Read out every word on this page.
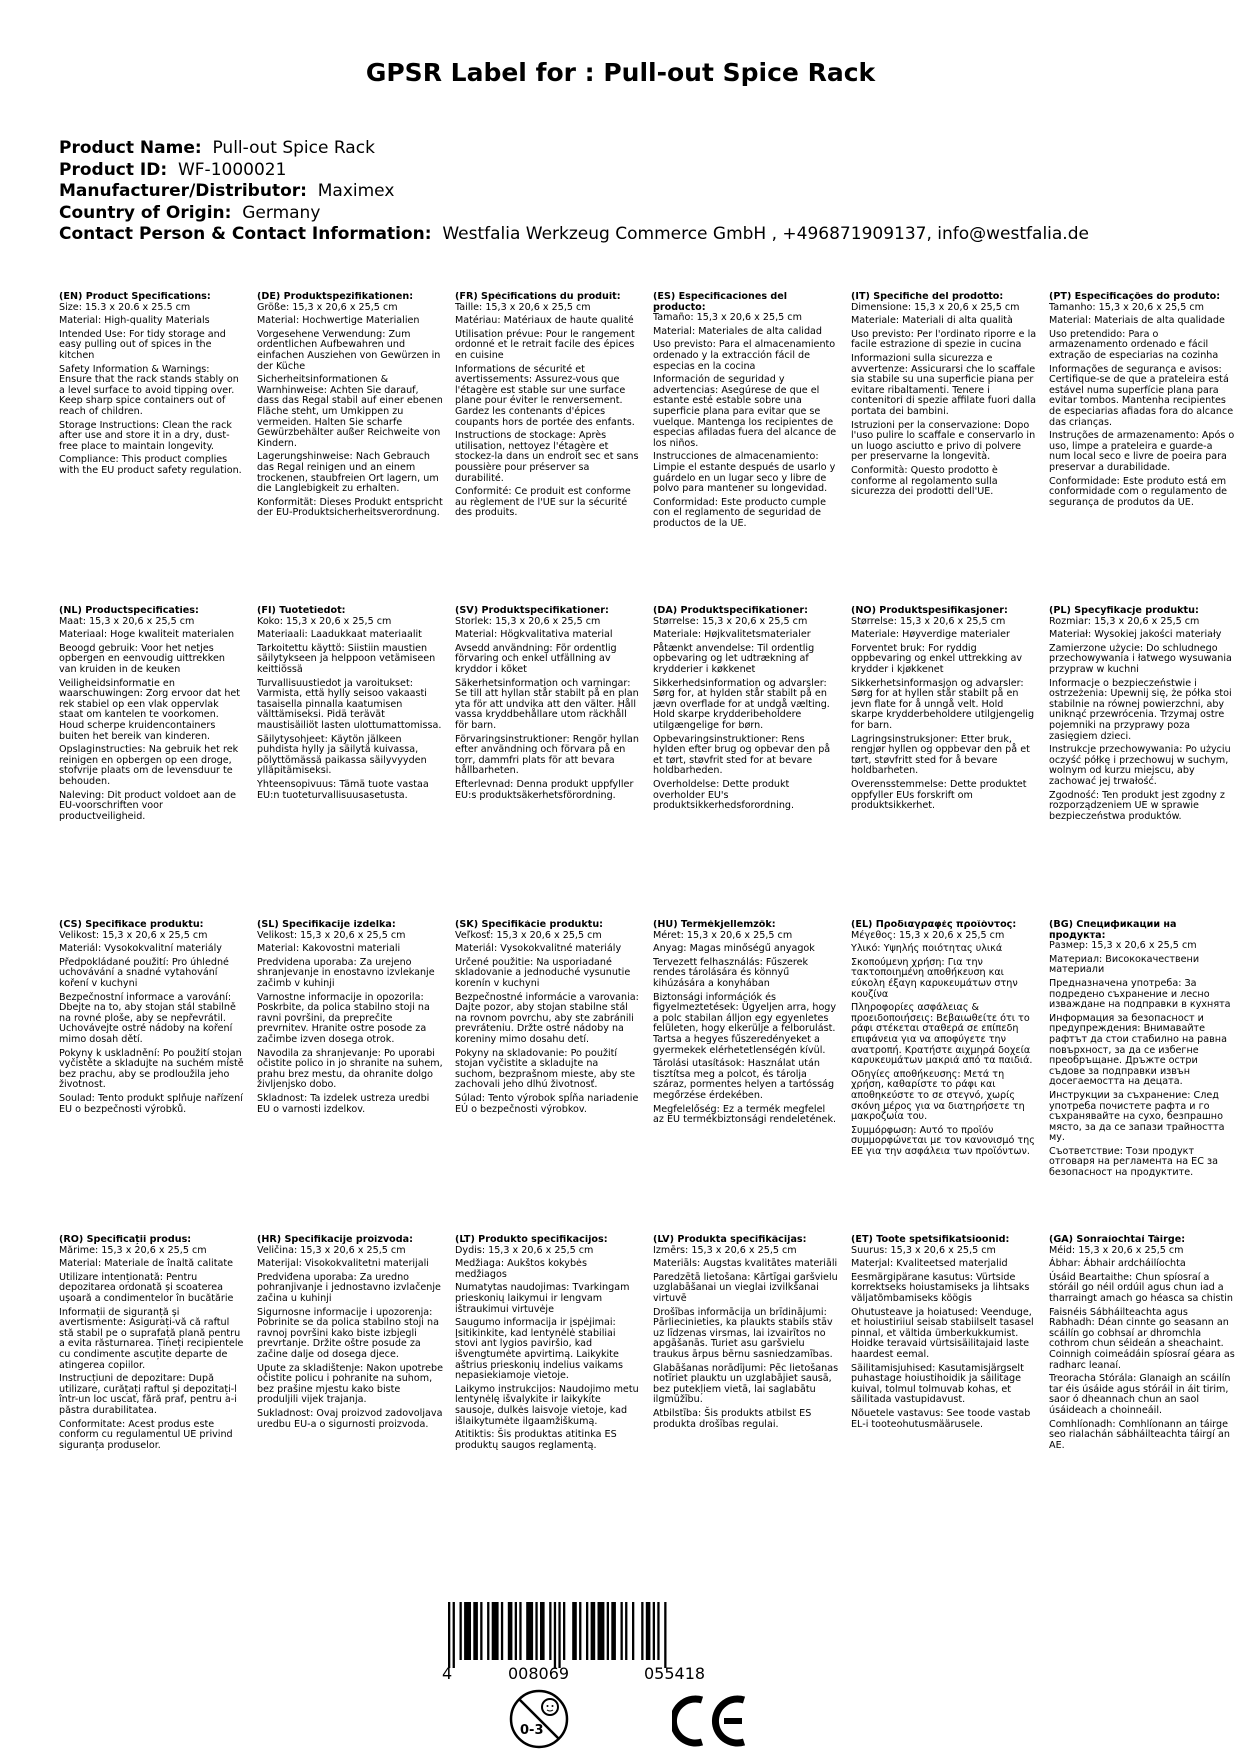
GPSR Label for : Pull-out Spice Rack
Product Name: Pull-out Spice Rack
Product ID: WF-1000021
Manufacturer/Distributor: Maximex
Country of Origin: Germany
Contact Person & Contact Information: Westfalia Werkzeug Commerce GmbH , +496871909137, info@westfalia.de
(EN) Product Specifications:

Size: 15.3 x 20.6 x 25.5 cm

Material: High-quality Materials

Intended Use: For tidy storage and easy pulling out of spices in the kitchen

Safety Information & Warnings: Ensure that the rack stands stably on a level surface to avoid tipping over. Keep sharp spice containers out of reach of children.

Storage Instructions: Clean the rack after use and store it in a dry, dust-free place to maintain longevity.

Compliance: This product complies with the EU product safety regulation.

(DE) Produktspezifikationen:

Größe: 15,3 x 20,6 x 25,5 cm

Material: Hochwertige Materialien

Vorgesehene Verwendung: Zum ordentlichen Aufbewahren und einfachen Ausziehen von Gewürzen in der Küche

Sicherheitsinformationen & Warnhinweise: Achten Sie darauf, dass das Regal stabil auf einer ebenen Fläche steht, um Umkippen zu vermeiden. Halten Sie scharfe Gewürzbehälter außer Reichweite von Kindern.

Lagerungshinweise: Nach Gebrauch das Regal reinigen und an einem trockenen, staubfreien Ort lagern, um die Langlebigkeit zu erhalten.

Konformität: Dieses Produkt entspricht der EU-Produktsicherheitsverordnung.

(FR) Spécifications du produit:

Taille: 15,3 x 20,6 x 25,5 cm

Matériau: Matériaux de haute qualité

Utilisation prévue: Pour le rangement ordonné et le retrait facile des épices en cuisine

Informations de sécurité et avertissements: Assurez-vous que l'étagère est stable sur une surface plane pour éviter le renversement. Gardez les contenants d'épices coupants hors de portée des enfants.

Instructions de stockage: Après utilisation, nettoyez l'étagère et stockez-la dans un endroit sec et sans poussière pour préserver sa durabilité.

Conformité: Ce produit est conforme au règlement de l'UE sur la sécurité des produits.

(ES) Especificaciones del producto:

Tamaño: 15,3 x 20,6 x 25,5 cm

Material: Materiales de alta calidad

Uso previsto: Para el almacenamiento ordenado y la extracción fácil de especias en la cocina

Información de seguridad y advertencias: Asegúrese de que el estante esté estable sobre una superficie plana para evitar que se vuelque. Mantenga los recipientes de especias afiladas fuera del alcance de los niños.

Instrucciones de almacenamiento: Limpie el estante después de usarlo y guárdelo en un lugar seco y libre de polvo para mantener su longevidad.

Conformidad: Este producto cumple con el reglamento de seguridad de productos de la UE.

(IT) Specifiche del prodotto:

Dimensione: 15,3 x 20,6 x 25,5 cm

Materiale: Materiali di alta qualità

Uso previsto: Per l'ordinato riporre e la facile estrazione di spezie in cucina

Informazioni sulla sicurezza e avvertenze: Assicurarsi che lo scaffale sia stabile su una superficie piana per evitare ribaltamenti. Tenere i contenitori di spezie affilate fuori dalla portata dei bambini.

Istruzioni per la conservazione: Dopo l'uso pulire lo scaffale e conservarlo in un luogo asciutto e privo di polvere per preservarne la longevità.

Conformità: Questo prodotto è conforme al regolamento sulla sicurezza dei prodotti dell'UE.

(PT) Especificações do produto:

Tamanho: 15,3 x 20,6 x 25,5 cm

Material: Materiais de alta qualidade

Uso pretendido: Para o armazenamento ordenado e fácil extração de especiarias na cozinha

Informações de segurança e avisos: Certifique-se de que a prateleira está estável numa superfície plana para evitar tombos. Mantenha recipientes de especiarias afiadas fora do alcance das crianças.

Instruções de armazenamento: Após o uso, limpe a prateleira e guarde-a num local seco e livre de poeira para preservar a durabilidade.

Conformidade: Este produto está em conformidade com o regulamento de segurança de produtos da UE.

(NL) Productspecificaties:

Maat: 15,3 x 20,6 x 25,5 cm

Materiaal: Hoge kwaliteit materialen

Beoogd gebruik: Voor het netjes opbergen en eenvoudig uittrekken van kruiden in de keuken

Veiligheidsinformatie en waarschuwingen: Zorg ervoor dat het rek stabiel op een vlak oppervlak staat om kantelen te voorkomen. Houd scherpe kruidencontainers buiten het bereik van kinderen.

Opslaginstructies: Na gebruik het rek reinigen en opbergen op een droge, stofvrije plaats om de levensduur te behouden.

Naleving: Dit product voldoet aan de EU-voorschriften voor productveiligheid.

(FI) Tuotetiedot:

Koko: 15,3 x 20,6 x 25,5 cm

Materiaali: Laadukkaat materiaalit

Tarkoitettu käyttö: Siistiin maustien säilytykseen ja helppoon vetämiseen keittiössä

Turvallisuustiedot ja varoitukset: Varmista, että hylly seisoo vakaasti tasaisella pinnalla kaatumisen välttämiseksi. Pidä terävät maustisäiliöt lasten ulottumattomissa.

Säilytysohjeet: Käytön jälkeen puhdista hylly ja säilytä kuivassa, pölyttömässä paikassa säilyvyyden ylläpitämiseksi.

Yhteensopivuus: Tämä tuote vastaa EU:n tuoteturvallisuusasetusta.

(SV) Produktspecifikationer:

Storlek: 15,3 x 20,6 x 25,5 cm

Material: Högkvalitativa material

Avsedd användning: För ordentlig förvaring och enkel utfällning av kryddor i köket

Säkerhetsinformation och varningar: Se till att hyllan står stabilt på en plan yta för att undvika att den välter. Håll vassa kryddbehållare utom räckhåll för barn.

Förvaringsinstruktioner: Rengör hyllan efter användning och förvara på en torr, dammfri plats för att bevara hållbarheten.

Efterlevnad: Denna produkt uppfyller EU:s produktsäkerhetsförordning.

(DA) Produktspecifikationer:

Størrelse: 15,3 x 20,6 x 25,5 cm

Materiale: Højkvalitetsmaterialer

Påtænkt anvendelse: Til ordentlig opbevaring og let udtrækning af krydderier i køkkenet

Sikkerhedsinformation og advarsler: Sørg for, at hylden står stabilt på en jævn overflade for at undgå vælting. Hold skarpe krydderibeholdere utilgængelige for børn.

Opbevaringsinstruktioner: Rens hylden efter brug og opbevar den på et tørt, støvfrit sted for at bevare holdbarheden.

Overholdelse: Dette produkt overholder EU's produktsikkerhedsforordning.

(NO) Produktspesifikasjoner:

Størrelse: 15,3 x 20,6 x 25,5 cm

Materiale: Høyverdige materialer

Forventet bruk: For ryddig oppbevaring og enkel uttrekking av krydder i kjøkkenet

Sikkerhetsinformasjon og advarsler: Sørg for at hyllen står stabilt på en jevn flate for å unngå velt. Hold skarpe krydderbeholdere utilgjengelig for barn.

Lagringsinstruksjoner: Etter bruk, rengjør hyllen og oppbevar den på et tørt, støvfritt sted for å bevare holdbarheten.

Overensstemmelse: Dette produktet oppfyller EUs forskrift om produktsikkerhet.

(PL) Specyfikacje produktu:

Rozmiar: 15,3 x 20,6 x 25,5 cm

Materiał: Wysokiej jakości materiały

Zamierzone użycie: Do schludnego przechowywania i łatwego wysuwania przypraw w kuchni

Informacje o bezpieczeństwie i ostrzeżenia: Upewnij się, że półka stoi stabilnie na równej powierzchni, aby uniknąć przewrócenia. Trzymaj ostre pojemniki na przyprawy poza zasięgiem dzieci.

Instrukcje przechowywania: Po użyciu oczyść półkę i przechowuj w suchym, wolnym od kurzu miejscu, aby zachować jej trwałość.

Zgodność: Ten produkt jest zgodny z rozporządzeniem UE w sprawie bezpieczeństwa produktów.

(CS) Specifikace produktu:

Velikost: 15,3 x 20,6 x 25,5 cm

Materiál: Vysokokvalitní materiály

Předpokládané použití: Pro úhledné uchovávání a snadné vytahování koření v kuchyni

Bezpečnostní informace a varování: Dbejte na to, aby stojan stál stabilně na rovné ploše, aby se nepřevrátil. Uchovávejte ostré nádoby na koření mimo dosah dětí.

Pokyny k uskladnění: Po použití stojan vyčistěte a skladujte na suchém místě bez prachu, aby se prodloužila jeho životnost.

Soulad: Tento produkt splňuje nařízení EU o bezpečnosti výrobků.

(SL) Specifikacije izdelka:

Velikost: 15,3 x 20,6 x 25,5 cm

Material: Kakovostni materiali

Predvidena uporaba: Za urejeno shranjevanje in enostavno izvlekanje začimb v kuhinji

Varnostne informacije in opozorila: Poskrbite, da polica stabilno stoji na ravni površini, da preprečite prevrnitev. Hranite ostre posode za začimbe izven dosega otrok.

Navodila za shranjevanje: Po uporabi očistite polico in jo shranite na suhem, prahu brez mestu, da ohranite dolgo življenjsko dobo.

Skladnost: Ta izdelek ustreza uredbi EU o varnosti izdelkov.

(SK) Špecifikácie produktu:

Veľkosť: 15,3 x 20,6 x 25,5 cm

Materiál: Vysokokvalitné materiály

Určené použitie: Na usporiadané skladovanie a jednoduché vysunutie korenín v kuchyni

Bezpečnostné informácie a varovania: Dajte pozor, aby stojan stabilne stál na rovnom povrchu, aby ste zabránili prevráteniu. Držte ostré nádoby na koreniny mimo dosahu detí.

Pokyny na skladovanie: Po použití stojan vyčistite a skladujte na suchom, bezprašnom mieste, aby ste zachovali jeho dlhú životnosť.

Súlad: Tento výrobok spĺňa nariadenie EÚ o bezpečnosti výrobkov.

(HU) Termékjellemzők:

Méret: 15,3 x 20,6 x 25,5 cm

Anyag: Magas minőségű anyagok

Tervezett felhasználás: Fűszerek rendes tárolására és könnyű kihúzására a konyhában

Biztonsági információk és figyelmeztetések: Ügyeljen arra, hogy a polc stabilan álljon egy egyenletes felületen, hogy elkerülje a felborulást. Tartsa a hegyes fűszeredényeket a gyermekek elérhetetlenségén kívül.

Tárolási utasítások: Használat után tisztítsa meg a polcot, és tárolja száraz, pormentes helyen a tartósság megőrzése érdekében.

Megfelelőség: Ez a termék megfelel az EU termékbiztonsági rendeletének.

(EL) Προδιαγραφές προϊόντος:

Μέγεθος: 15,3 x 20,6 x 25,5 cm

Υλικό: Υψηλής ποιότητας υλικά

Σκοπούμενη χρήση: Για την τακτοποιημένη αποθήκευση και εύκολη έξαγη καρυκευμάτων στην κουζίνα

Πληροφορίες ασφάλειας & προειδοποιήσεις: Βεβαιωθείτε ότι το ράφι στέκεται σταθερά σε επίπεδη επιφάνεια για να αποφύγετε την ανατροπή. Κρατήστε αιχμηρά δοχεία καρυκευμάτων μακριά από τα παιδιά.

Οδηγίες αποθήκευσης: Μετά τη χρήση, καθαρίστε το ράφι και αποθηκεύστε το σε στεγνό, χωρίς σκόνη μέρος για να διατηρήσετε τη μακροζωία του.

Συμμόρφωση: Αυτό το προϊόν συμμορφώνεται με τον κανονισμό της ΕΕ για την ασφάλεια των προϊόντων.

(BG) Спецификации на продукта:

Размер: 15,3 x 20,6 x 25,5 cm

Материал: Висококачествени материали

Предназначена употреба: За подредено съхранение и лесно изваждане на подправки в кухнята

Информация за безопасност и предупреждения: Внимавайте рафтът да стои стабилно на равна повърхност, за да се избегне преобръщане. Дръжте остри съдове за подправки извън досегаемостта на децата.

Инструкции за съхранение: След употреба почистете рафта и го съхранявайте на сухо, безпрашно място, за да се запази трайността му.

Съответствие: Този продукт отговаря на регламента на ЕС за безопасност на продуктите.

(RO) Specificații produs:

Mărime: 15,3 x 20,6 x 25,5 cm

Material: Materiale de înaltă calitate

Utilizare intenționată: Pentru depozitarea ordonată și scoaterea ușoară a condimentelor în bucătărie

Informații de siguranță și avertismente: Asigurați-vă că raftul stă stabil pe o suprafață plană pentru a evita răsturnarea. Țineți recipientele cu condimente ascuțite departe de atingerea copiilor.

Instrucțiuni de depozitare: După utilizare, curățați raftul și depozitați-l într-un loc uscat, fără praf, pentru a-i păstra durabilitatea.

Conformitate: Acest produs este conform cu regulamentul UE privind siguranța produselor.

(HR) Specifikacije proizvoda:

Veličina: 15,3 x 20,6 x 25,5 cm

Materijal: Visokokvalitetni materijali

Predviđena uporaba: Za uredno pohranjivanje i jednostavno izvlačenje začina u kuhinji

Sigurnosne informacije i upozorenja: Pobrinite se da polica stabilno stoji na ravnoj površini kako biste izbjegli prevrtanje. Držite oštre posude za začine dalje od dosega djece.

Upute za skladištenje: Nakon upotrebe očistite policu i pohranite na suhom, bez prašine mjestu kako biste produljili vijek trajanja.

Sukladnost: Ovaj proizvod zadovoljava uredbu EU-a o sigurnosti proizvoda.

(LT) Produkto specifikacijos:

Dydis: 15,3 x 20,6 x 25,5 cm

Medžiaga: Aukštos kokybės medžiagos

Numatytas naudojimas: Tvarkingam prieskonių laikymui ir lengvam ištraukimui virtuvėje

Saugumo informacija ir įspėjimai: Įsitikinkite, kad lentynėlė stabiliai stovi ant lygios paviršio, kad išvengtumėte apvirtimą. Laikykite aštrius prieskonių indelius vaikams nepasiekiamoje vietoje.

Laikymo instrukcijos: Naudojimo metu lentynėlę išvalykite ir laikykite sausoje, dulkės laisvoje vietoje, kad išlaikytumėte ilgaamžiškumą.

Atitiktis: Šis produktas atitinka ES produktų saugos reglamentą.

(LV) Produkta specifikācijas:

Izmērs: 15,3 x 20,6 x 25,5 cm

Materiāls: Augstas kvalitātes materiāli

Paredzētā lietošana: Kārtīgai garšvielu uzglabāšanai un vieglai izvilkšanai virtuvē

Drošības informācija un brīdinājumi: Pārliecinieties, ka plaukts stabils stāv uz līdzenas virsmas, lai izvairītos no apgāšanās. Turiet asu garšvielu traukus ārpus bērnu sasniedzamības.

Glabāšanas norādījumi: Pēc lietošanas notīriet plauktu un uzglabājiet sausā, bez putekļiem vietā, lai saglabātu ilgmūžību.

Atbilstība: Šis produkts atbilst ES produkta drošības regulai.

(ET) Toote spetsifikatsioonid:

Suurus: 15,3 x 20,6 x 25,5 cm

Materjal: Kvaliteetsed materjalid

Eesmärgipärane kasutus: Vürtside korrektseks hoiustamiseks ja lihtsaks väljatõmbamiseks köögis

Ohutusteave ja hoiatused: Veenduge, et hoiustiriiul seisab stabiilselt tasasel pinnal, et vältida ümberkukkumist. Hoidke teravaid vürtsisäilitajaid laste haardest eemal.

Säilitamisjuhised: Kasutamisjärgselt puhastage hoiustihoidik ja säilitage kuival, tolmul tolmuvab kohas, et säilitada vastupidavust.

Nõuetele vastavus: See toode vastab EL-i tooteohutusmäärusele.

(GA) Sonraíochtaí Táirge:

Méid: 15,3 x 20,6 x 25,5 cm

Ábhar: Ábhair ardcháilíochta

Úsáid Beartaithe: Chun spíosraí a stóráil go néil ordúil agus chun iad a tharraingt amach go héasca sa chistin

Faisnéis Sábháilteachta agus Rabhadh: Déan cinnte go seasann an scáilín go cobhsaí ar dhromchla cothrom chun séideán a sheachaint. Coinnigh coimeádáin spíosraí géara as radharc leanaí.

Treoracha Stórála: Glanaigh an scáilín tar éis úsáide agus stóráil in áit tirim, saor ó dheannach chun an saol úsáideach a choinneáil.

Comhlíonadh: Comhlíonann an táirge seo rialachán sábháilteachta táirgí an AE.

4	008069	055418
0-3
